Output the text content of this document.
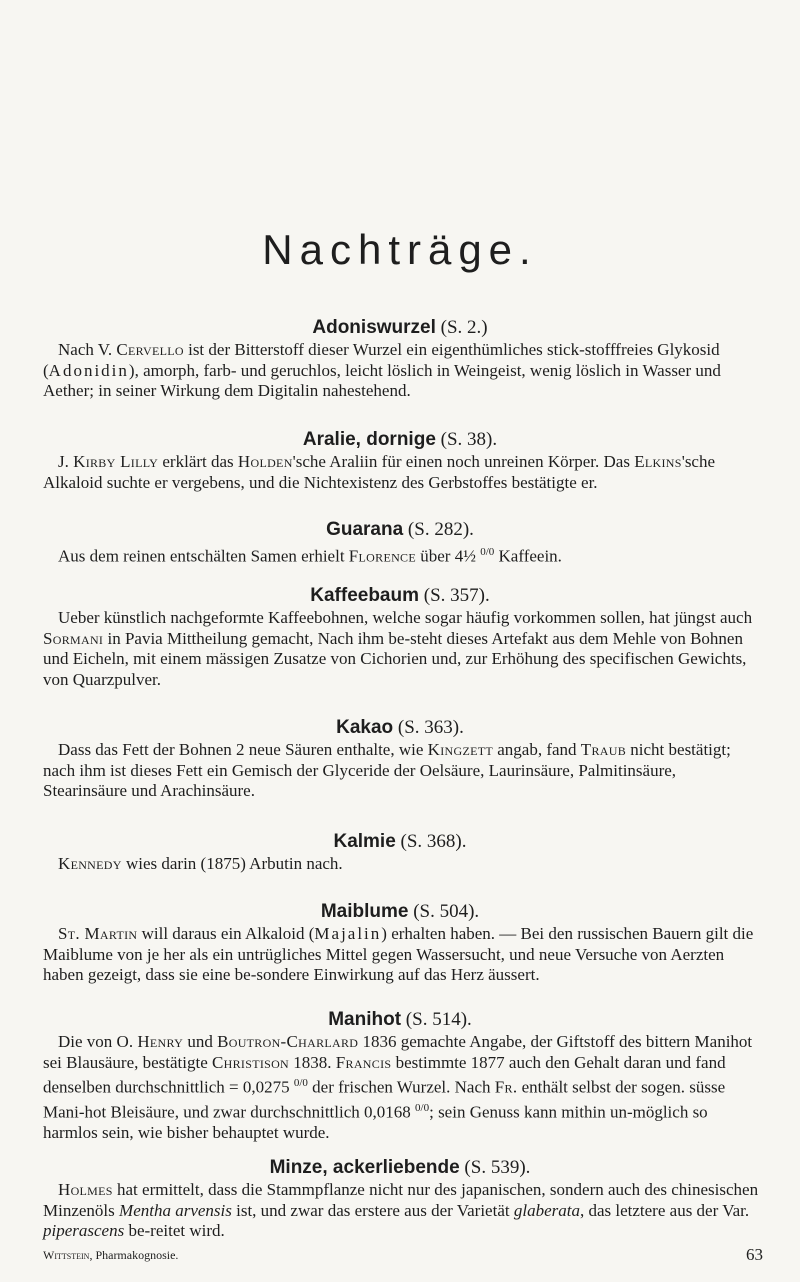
Nachträge.
Adoniswurzel (S. 2.)

Nach V. Cervello ist der Bitterstoff dieser Wurzel ein eigenthümliches stick-stofffreies Glykosid (Adonidin), amorph, farb- und geruchlos, leicht löslich in Weingeist, wenig löslich in Wasser und Aether; in seiner Wirkung dem Digitalin nahestehend.

Aralie, dornige (S. 38).

J. Kirby Lilly erklärt das Holden'sche Araliin für einen noch unreinen Körper. Das Elkins'sche Alkaloid suchte er vergebens, und die Nichtexistenz des Gerbstoffes bestätigte er.

Guarana (S. 282).

Aus dem reinen entschälten Samen erhielt Florence über 4½ $^{0/0}$ Kaffeein.

Kaffeebaum (S. 357).

Ueber künstlich nachgeformte Kaffeebohnen, welche sogar häufig vorkommen sollen, hat jüngst auch Sormani in Pavia Mittheilung gemacht, Nach ihm be-steht dieses Artefakt aus dem Mehle von Bohnen und Eicheln, mit einem mässigen Zusatze von Cichorien und, zur Erhöhung des specifischen Gewichts, von Quarzpulver.

Kakao (S. 363).

Dass das Fett der Bohnen 2 neue Säuren enthalte, wie Kingzett angab, fand Traub nicht bestätigt; nach ihm ist dieses Fett ein Gemisch der Glyceride der Oelsäure, Laurinsäure, Palmitinsäure, Stearinsäure und Arachinsäure.

Kalmie (S. 368).

Kennedy wies darin (1875) Arbutin nach.

Maiblume (S. 504).

St. Martin will daraus ein Alkaloid (Majalin) erhalten haben. — Bei den russischen Bauern gilt die Maiblume von je her als ein untrügliches Mittel gegen Wassersucht, und neue Versuche von Aerzten haben gezeigt, dass sie eine be-sondere Einwirkung auf das Herz äussert.

Manihot (S. 514).

Die von O. Henry und Boutron-Charlard 1836 gemachte Angabe, der Giftstoff des bittern Manihot sei Blausäure, bestätigte Christison 1838. Francis bestimmte 1877 auch den Gehalt daran und fand denselben durchschnittlich = 0,0275 $^{0/0}$ der frischen Wurzel. Nach Fr. enthält selbst der sogen. süsse Mani-hot Bleisäure, und zwar durchschnittlich 0,0168 $^{0/0}$; sein Genuss kann mithin un-möglich so harmlos sein, wie bisher behauptet wurde.

Minze, ackerliebende (S. 539).

Holmes hat ermittelt, dass die Stammpflanze nicht nur des japanischen, sondern auch des chinesischen Minzenöls Mentha arvensis ist, und zwar das erstere aus der Varietät glaberata, das letztere aus der Var. piperascens be-reitet wird.

Wittstein, Pharmakognosie.	63
